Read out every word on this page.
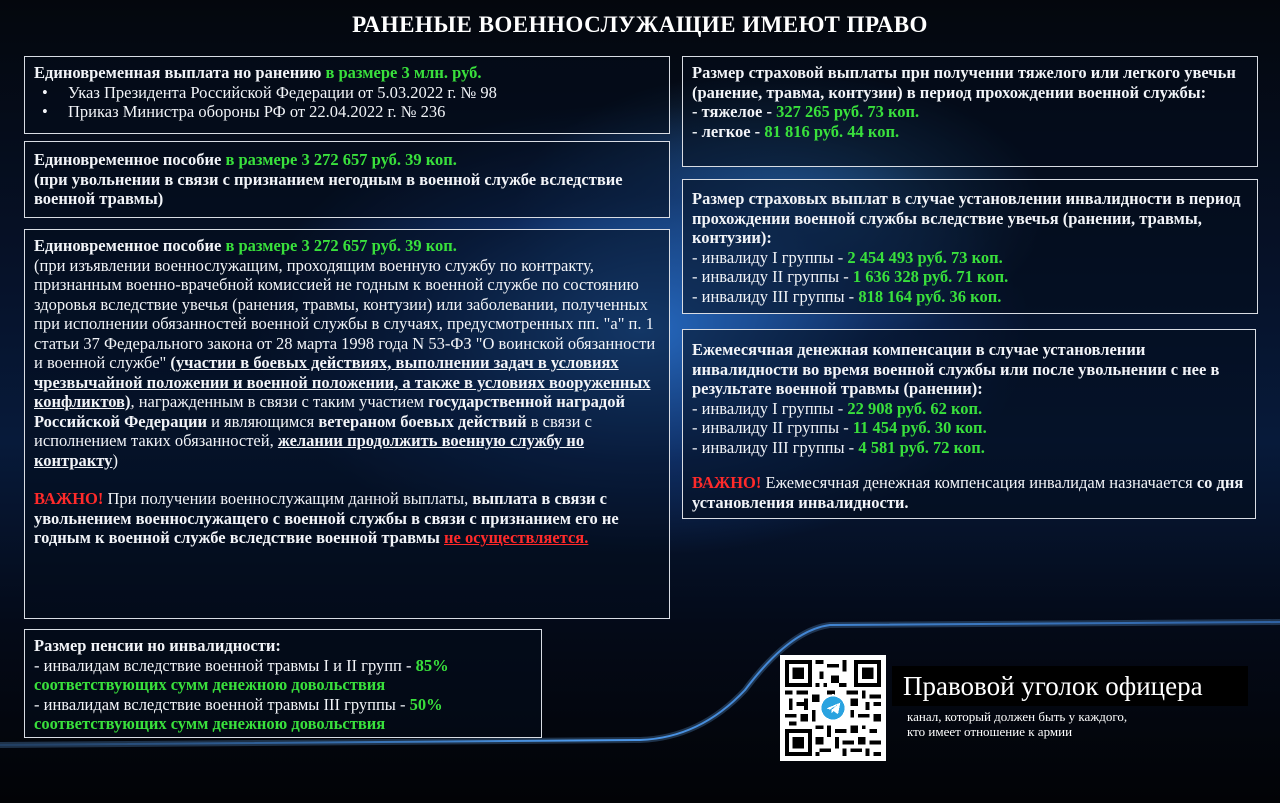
РАНЕНЫЕ ВОЕННОСЛУЖАЩИЕ ИМЕЮТ ПРАВО
Единовременная выплата но ранению в размере 3 млн. руб.
• Указ Президента Российской Федерации от 5.03.2022 г. № 98
• Приказ Министра обороны РФ от 22.04.2022 г. № 236
Единовременное пособие в размере 3 272 657 руб. 39 коп.
(при увольнении в связи с признанием негодным в военной службе вследствие военной травмы)
Единовременное пособие в размере 3 272 657 руб. 39 коп.
(при изъявлении военнослужащим, проходящим военную службу по контракту, признанным военно-врачебной комиссией не годным к военной службе по состоянию здоровья вследствие увечья (ранения, травмы, контузии) или заболевании, полученных при исполнении обязанностей военной службы в случаях, предусмотренных пп. "а" п. 1 статьи 37 Федерального закона от 28 марта 1998 года N 53-ФЗ "О воинской обязанности
и военной службе" (участии в боевых действиях, выполнении задач в условиях чрезвычайной положении и военной положении, а также в условиях вооруженных конфликтов), награжденным в связи с таким участием государственной наградой Российской Федерации и являющимся ветераном боевых действий в связи с исполнением таких обязанностей, желании продолжить военную службу но контракту)
ВАЖНО! При получении военнослужащим данной выплаты, выплата в связи с увольнением военнослужащего с военной службы в связи с признанием его не годным к военной службе вследствие военной травмы не осуществляется.
Размер пенсии но инвалидности:
- инвалидам вследствие военной травмы I и II групп - 85%
соответствующих сумм денежною довольствия
- инвалидам вследствие военной травмы III группы - 50%
соответствующих сумм денежною довольствия
Размер страховой выплаты прн полученни тяжелого или легкого увечьн (ранение, травма, контузии) в период прохождении военной службы:
- тяжелое - 327 265 руб. 73 коп.
- легкое - 81 816 руб. 44 коп.
Размер страховых выплат в случае установлении инвалидности в период прохождении военной службы вследствие увечья (ранении, травмы, контузии):
- инвалиду I группы - 2 454 493 руб. 73 коп.
- инвалиду II группы - 1 636 328 руб. 71 коп.
- инвалиду III группы - 818 164 руб. 36 коп.
Ежемесячная денежная компенсации в случае установлении инвалидности во время военной службы или после увольнении с нее в результате военной травмы (ранении):
- инвалиду I группы - 22 908 руб. 62 коп.
- инвалиду II группы - 11 454 руб. 30 коп.
- инвалиду III группы - 4 581 руб. 72 коп.
ВАЖНО! Ежемесячная денежная компенсация инвалидам назначается со дня установления инвалидности.
Правовой уголок офицера
канал, который должен быть у каждого,
кто имеет отношение к армии
